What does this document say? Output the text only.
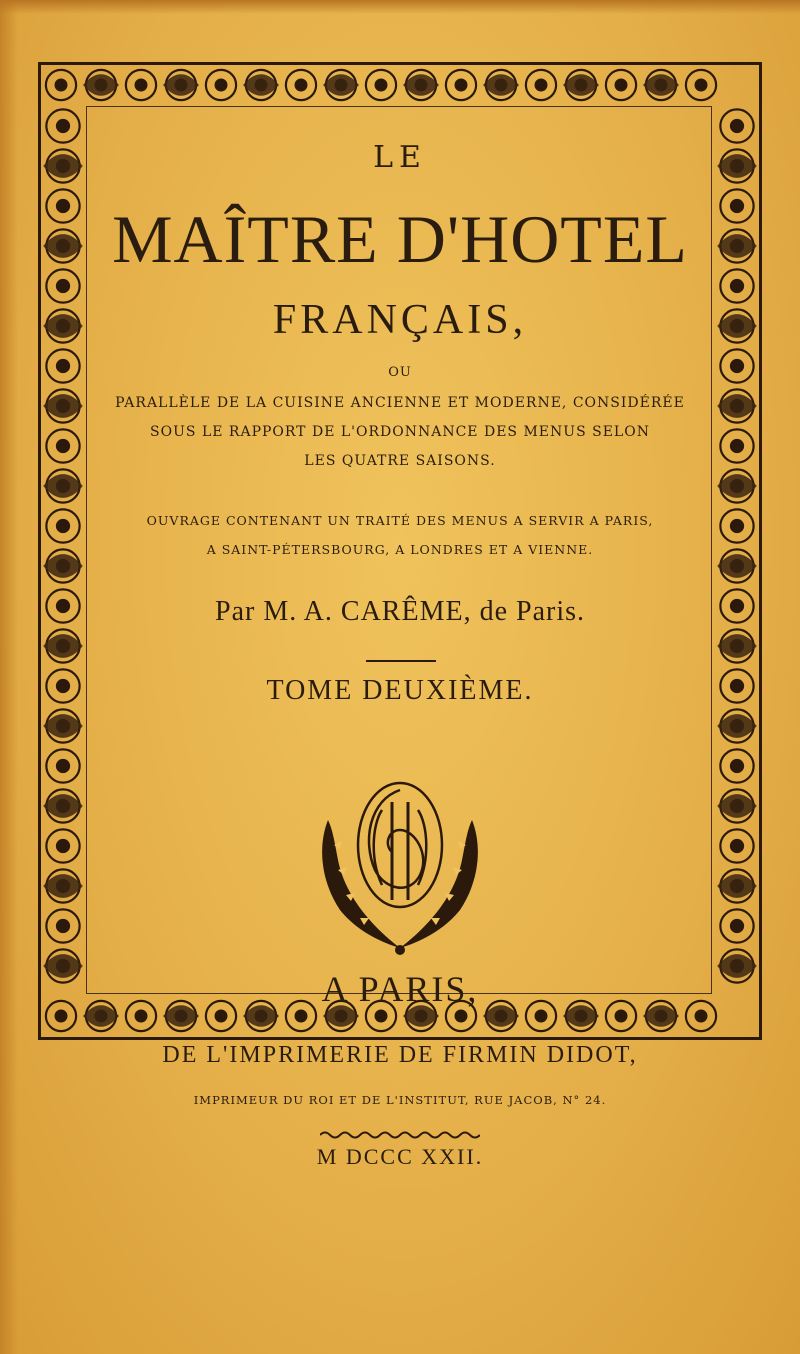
LE
MAÎTRE D'HOTEL
FRANÇAIS,
OU
PARALLÈLE DE LA CUISINE ANCIENNE ET MODERNE, CONSIDÉRÉE
SOUS LE RAPPORT DE L'ORDONNANCE DES MENUS SELON
LES QUATRE SAISONS.
OUVRAGE CONTENANT UN TRAITÉ DES MENUS A SERVIR A PARIS,
A SAINT-PÉTERSBOURG, A LONDRES ET A VIENNE.
Par M. A. CARÊME, de Paris.
TOME DEUXIÈME.
A PARIS,
DE L'IMPRIMERIE DE FIRMIN DIDOT,
IMPRIMEUR DU ROI ET DE L'INSTITUT, RUE JACOB, N° 24.
M DCCC XXII.
